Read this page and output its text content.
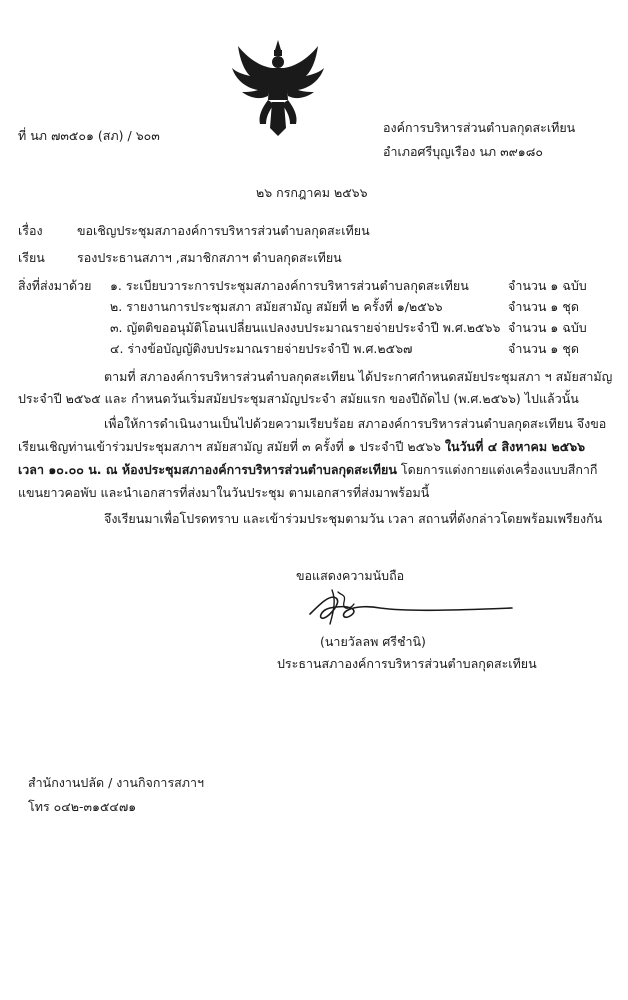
ที่ นภ ๗๓๕๐๑ (สภ) / ๖๐๓
องค์การบริหารส่วนตำบลกุดสะเทียน
อำเภอศรีบุญเรือง นภ ๓๙๑๘๐
๒๖ กรกฎาคม ๒๕๖๖
เรื่อง	ขอเชิญประชุมสภาองค์การบริหารส่วนตำบลกุดสะเทียน
เรียน	รองประธานสภาฯ ,สมาชิกสภาฯ ตำบลกุดสะเทียน
สิ่งที่ส่งมาด้วย ๑. ระเบียบวาระการประชุมสภาองค์การบริหารส่วนตำบลกุดสะเทียน	จำนวน ๑ ฉบับ
๒. รายงานการประชุมสภา สมัยสามัญ สมัยที่ ๒ ครั้งที่ ๑/๒๕๖๖	จำนวน ๑ ชุด
๓. ญัตติขออนุมัติโอนเปลี่ยนแปลงงบประมาณรายจ่ายประจำปี พ.ศ.๒๕๖๖ จำนวน ๑ ฉบับ
๔. ร่างข้อบัญญัติงบประมาณรายจ่ายประจำปี พ.ศ.๒๕๖๗	จำนวน ๑ ชุด
ตามที่ สภาองค์การบริหารส่วนตำบลกุดสะเทียน ได้ประกาศกำหนดสมัยประชุมสภา ฯ สมัยสามัญ
ประจำปี ๒๕๖๕ และ กำหนดวันเริ่มสมัยประชุมสามัญประจำ สมัยแรก ของปีถัดไป (พ.ศ.๒๕๖๖) ไปแล้วนั้น
เพื่อให้การดำเนินงานเป็นไปด้วยความเรียบร้อย สภาองค์การบริหารส่วนตำบลกุดสะเทียน จึงขอ
เรียนเชิญท่านเข้าร่วมประชุมสภาฯ สมัยสามัญ สมัยที่ ๓ ครั้งที่ ๑ ประจำปี ๒๕๖๖ ในวันที่ ๔ สิงหาคม ๒๕๖๖
เวลา ๑๐.๐๐ น. ณ ห้องประชุมสภาองค์การบริหารส่วนตำบลกุดสะเทียน โดยการแต่งกายแต่งเครื่องแบบสีกากี
แขนยาวคอพับ และนำเอกสารที่ส่งมาในวันประชุม ตามเอกสารที่ส่งมาพร้อมนี้
จึงเรียนมาเพื่อโปรดทราบ และเข้าร่วมประชุมตามวัน เวลา สถานที่ดังกล่าวโดยพร้อมเพรียงกัน
ขอแสดงความนับถือ
(นายวัลลพ ศรีชำนิ)
ประธานสภาองค์การบริหารส่วนตำบลกุดสะเทียน
สำนักงานปลัด / งานกิจการสภาฯ
โทร ๐๔๒-๓๑๕๔๗๑
